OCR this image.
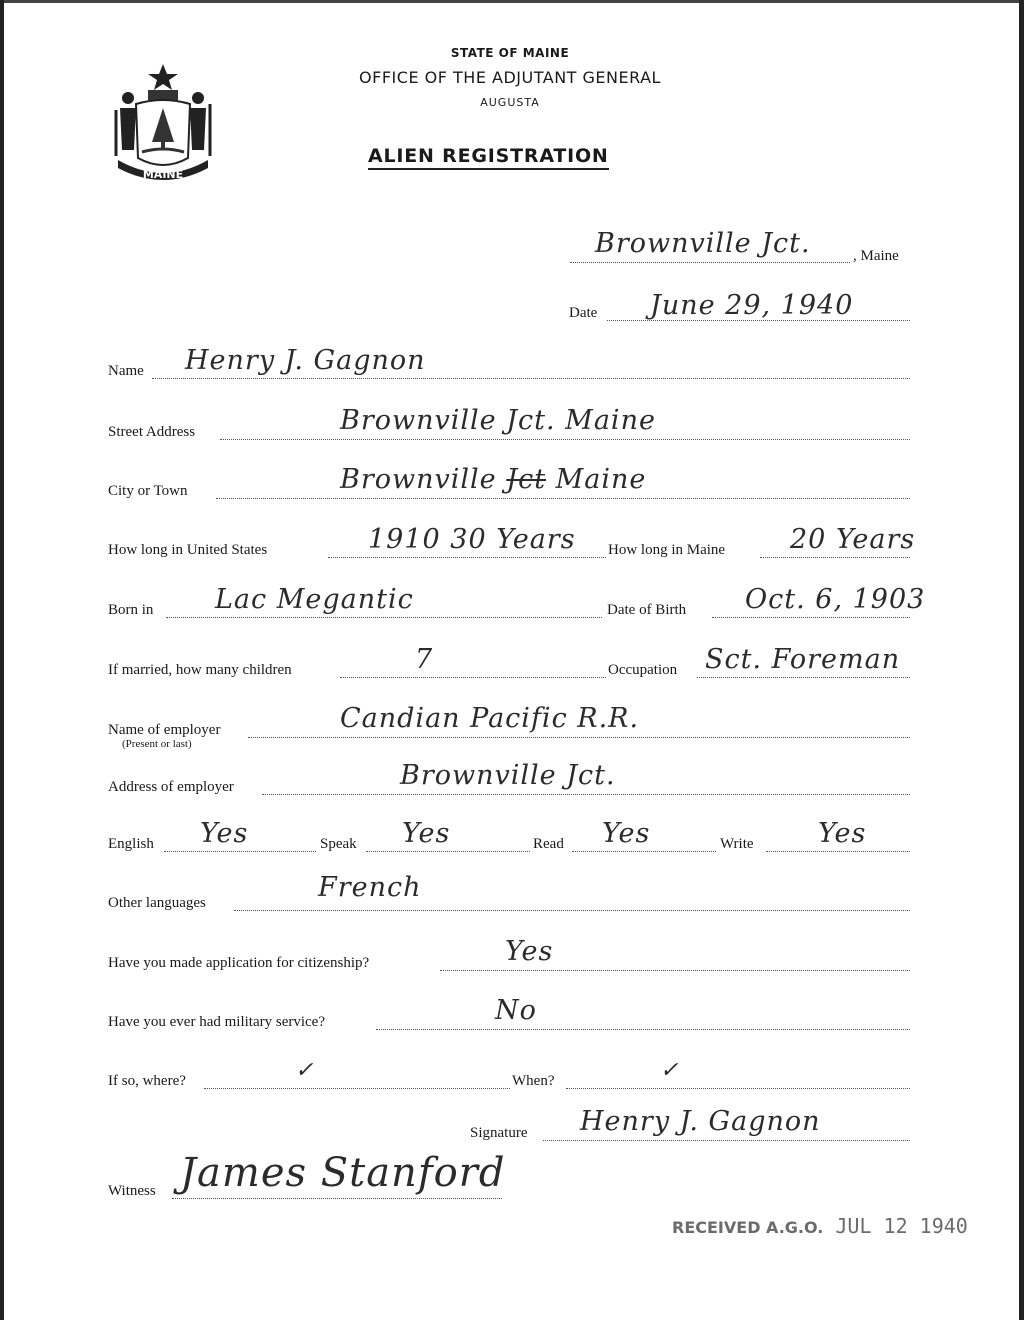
MAINE
STATE OF MAINE
OFFICE OF THE ADJUTANT GENERAL
AUGUSTA
ALIEN REGISTRATION
Brownville Jct.	, Maine
Date June 29, 1940
Name Henry J. Gagnon
Street Address	Brownville Jct. Maine
City or Town	Brownville Jct Maine
How long in United States	1910 30 Years How long in Maine 20 Years
Born in Lac Megantic	Date of Birth Oct. 6, 1903
If married, how many children	7	Occupation Sct. Foreman
Name of employer
(Present or last)
Candian Pacific R.R.
Address of employer	Brownville Jct.
English Yes	Speak Yes	Read Yes	Write Yes
Other languages	French
Have you made application for citizenship?	Yes
Have you ever had military service?	No
If so, where?	✓	When?	✓
Signature Henry J. Gagnon
Witness James Stanford
RECEIVED A.G.O. JUL 12 1940
